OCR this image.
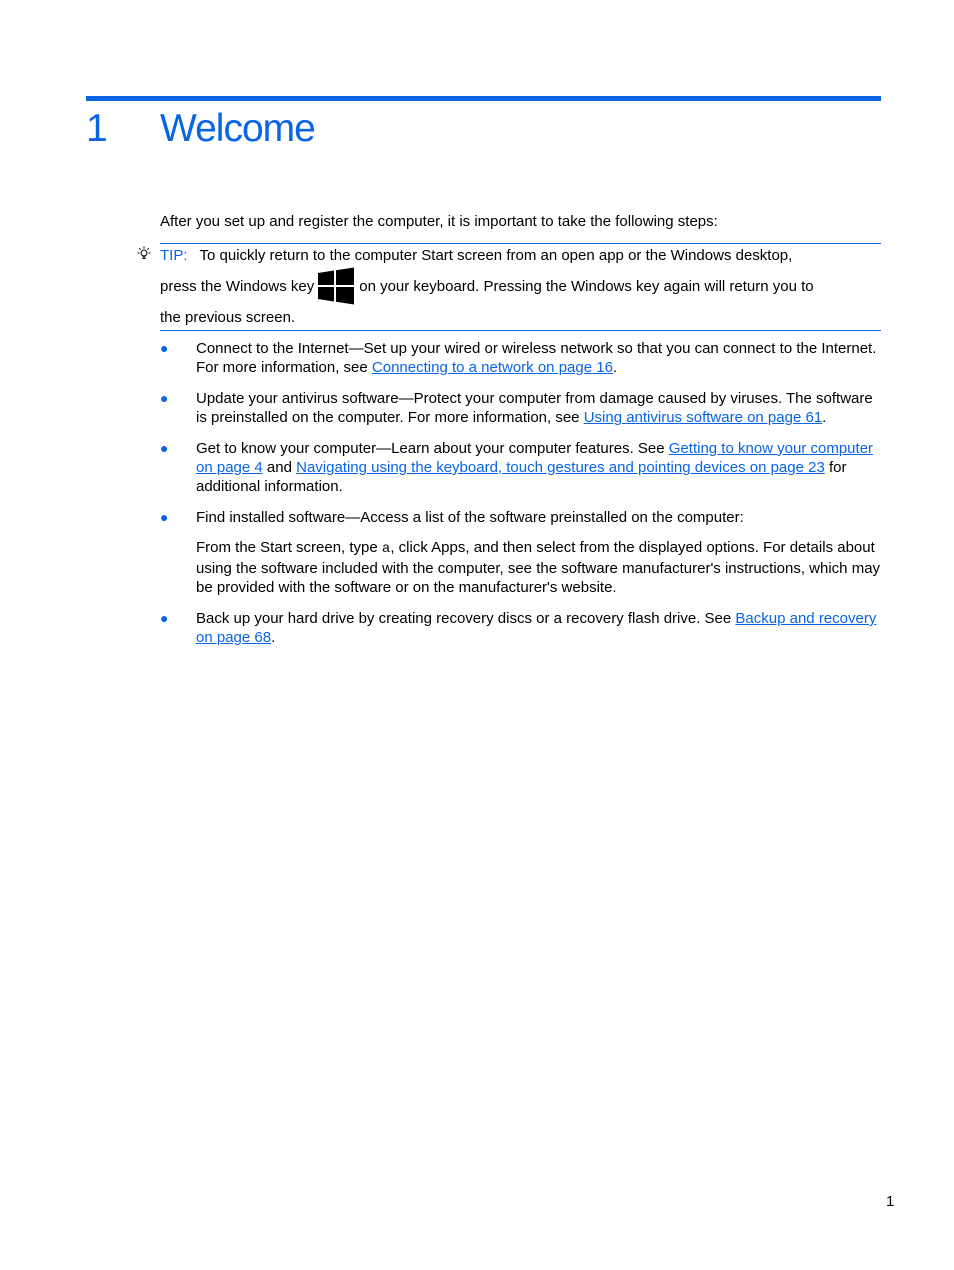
1 Welcome

After you set up and register the computer, it is important to take the following steps:

TIP: To quickly return to the computer Start screen from an open app or the Windows desktop,
press the Windows key	on your keyboard. Pressing the Windows key again will return you to
the previous screen.
● Connect to the Internet—Set up your wired or wireless network so that you can connect to the Internet. For more information, see Connecting to a network on page 16.
● Update your antivirus software—Protect your computer from damage caused by viruses. The software is preinstalled on the computer. For more information, see Using antivirus software on page 61.
● Get to know your computer—Learn about your computer features. See Getting to know your computer on page 4 and Navigating using the keyboard, touch gestures and pointing devices on page 23 for additional information.
● Find installed software—Access a list of the software preinstalled on the computer:
From the Start screen, type a, click Apps, and then select from the displayed options. For details about using the software included with the computer, see the software manufacturer's instructions, which may be provided with the software or on the manufacturer's website.
● Back up your hard drive by creating recovery discs or a recovery flash drive. See Backup and recovery on page 68.
1
